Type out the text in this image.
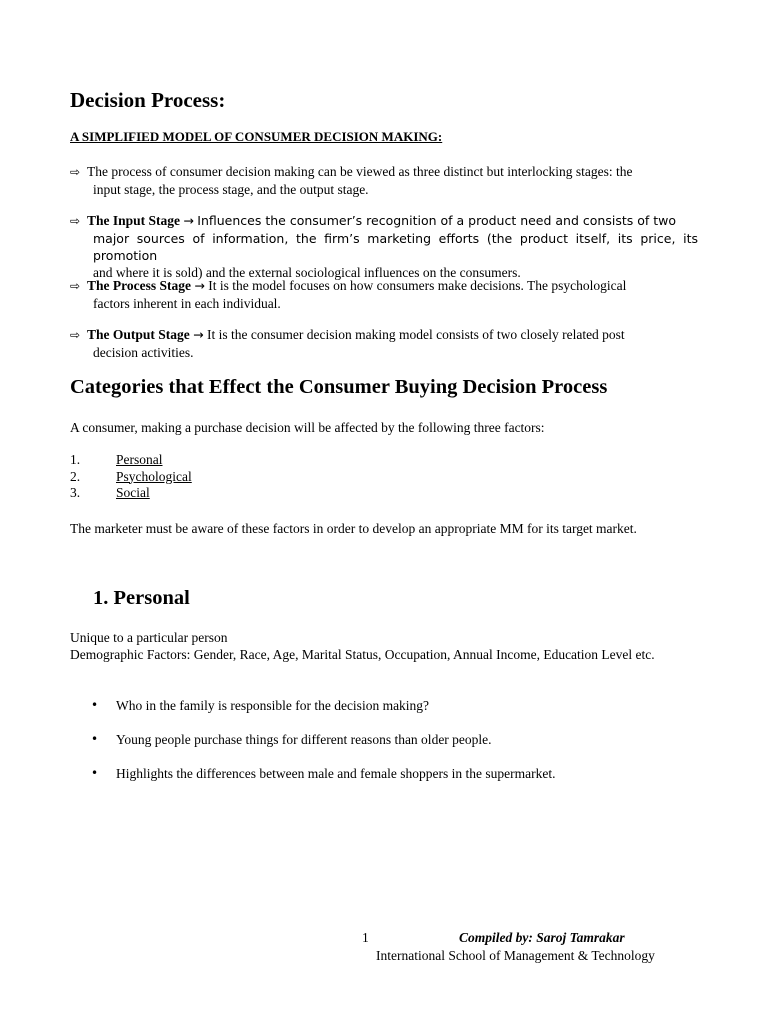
Decision Process:
A SIMPLIFIED MODEL OF CONSUMER DECISION MAKING:

⇨ The process of consumer decision making can be viewed as three distinct but interlocking stages: the
input stage, the process stage, and the output stage.

⇨ The Input Stage → Influences the consumer’s recognition of a product need and consists of two
major sources of information, the firm’s marketing efforts (the product itself, its price, its promotion
and where it is sold) and the external sociological influences on the consumers.

⇨ The Process Stage → It is the model focuses on how consumers make decisions. The psychological
factors inherent in each individual.

⇨ The Output Stage → It is the consumer decision making model consists of two closely related post
decision activities.

Categories that Effect the Consumer Buying Decision Process

A consumer, making a purchase decision will be affected by the following three factors:

1.	Personal
2.	Psychological
3.	Social

The marketer must be aware of these factors in order to develop an appropriate MM for its target market.

1. Personal

Unique to a particular person
Demographic Factors: Gender, Race, Age, Marital Status, Occupation, Annual Income, Education Level etc.

• Who in the family is responsible for the decision making?
• Young people purchase things for different reasons than older people.
• Highlights the differences between male and female shoppers in the supermarket.
1	Compiled by: Saroj Tamrakar
International School of Management & Technology
